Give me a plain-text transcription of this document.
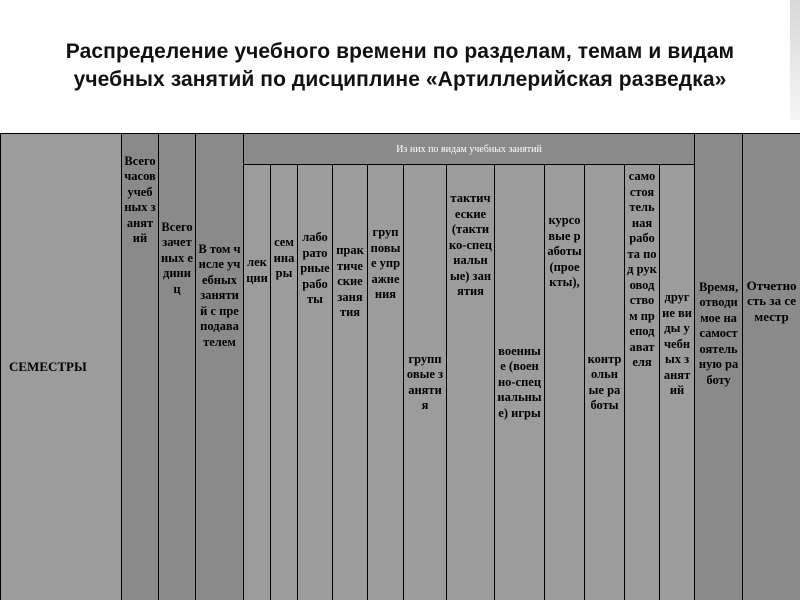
Распределение учебного времени по разделам, темам и видам
учебных занятий по дисциплине «Артиллерийская разведка»
СЕМЕСТРЫ	Всего часов учебных занятий	Всего зачетных единиц	В том числе учебных занятий с преподавателем	Из них по видам учебных занятий												Время, отводимое на самостоятельную работу	Отчетность за семестр

				лекции	семинары	лабораторные работы	практические занятия	групповые упражнения	групповые занятия	тактические (тактико-специальные) занятия	военные (военно-специальные) игры	курсовые работы (проекты),	контрольные работы	самостоятельная работа под руководством преподавателя	другие виды учебных занятий		
